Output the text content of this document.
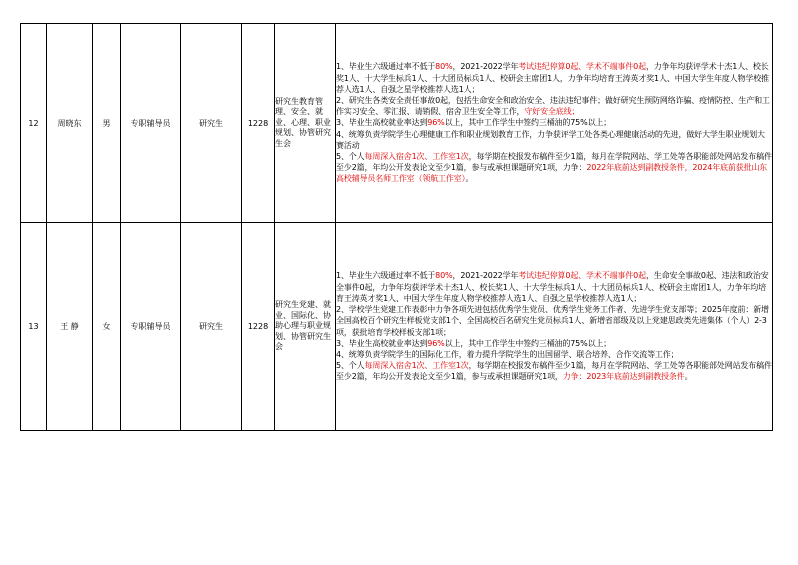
12	周晓东	男	专职辅导员	研究生	1228	研究生教育管理、安全、就业、心理、职业规划、协管研究生会	1、毕业生六级通过率不低于80%，2021-2022学年考试违纪停算0起、学术不端事件0起，力争年均获评学术十杰1人、校长奖1人、十大学生标兵1人、十大团员标兵1人、校研会主席团1人，力争年均培育王涛英才奖1人、中国大学生年度人物学校推荐人选1人、自强之星学校推荐人选1人；
2、研究生各类安全责任事故0起，包括生命安全和政治安全、违法违纪事件；做好研究生预防网络诈骗、疫情防控、生产和工作实习安全、零汇报、请销假、宿舍卫生安全等工作，守好安全底线；
3、毕业生高校就业率达到96%以上，其中工作学生中签约三桶油的75%以上；
4、统筹负责学院学生心理健康工作和职业规划教育工作，力争获评学工处各类心理健康活动的先进，做好大学生职业规划大赛活动
5、个人每周深入宿舍1次、工作室1次，每学期在校报发布稿件至少1篇，每月在学院网站、学工处等各职能部处网站发布稿件至少2篇，年均公开发表论文至少1篇，参与或承担课题研究1项，力争：2022年底前达到副教授条件，2024年底前获批山东高校辅导员名师工作室（领航工作室）。

13	王 静	女	专职辅导员	研究生	1228	研究生党建、就业、国际化、协助心理与职业规划、协管研究生会	1、毕业生六级通过率不低于80%，2021-2022学年考试违纪停算0起、学术不端事件0起，生命安全事故0起、违法和政治安全事件0起，力争年均获评学术十杰1人、校长奖1人、十大学生标兵1人、十大团员标兵1人、校研会主席团1人，力争年均培育王涛英才奖1人、中国大学生年度人物学校推荐人选1人、自强之星学校推荐人选1人；
2、学校学生党建工作表彰中力争各项先进包括优秀学生党员、优秀学生党务工作者、先进学生党支部等；2025年度前：新增全国高校百个研究生样板党支部1个、全国高校百名研究生党员标兵1人、新增省部级及以上党建思政类先进集体（个人）2-3项，获批培育学校样板支部1项；
3、毕业生高校就业率达到96%以上，其中工作学生中签约三桶油的75%以上；
4、统筹负责学院学生的国际化工作，着力提升学院学生的出国留学、联合培养、合作交流等工作；
5、个人每周深入宿舍1次、工作室1次，每学期在校报发布稿件至少1篇，每月在学院网站、学工处等各职能部处网站发布稿件至少2篇，年均公开发表论文至少1篇，参与或承担课题研究1项，力争：2023年底前达到副教授条件。
